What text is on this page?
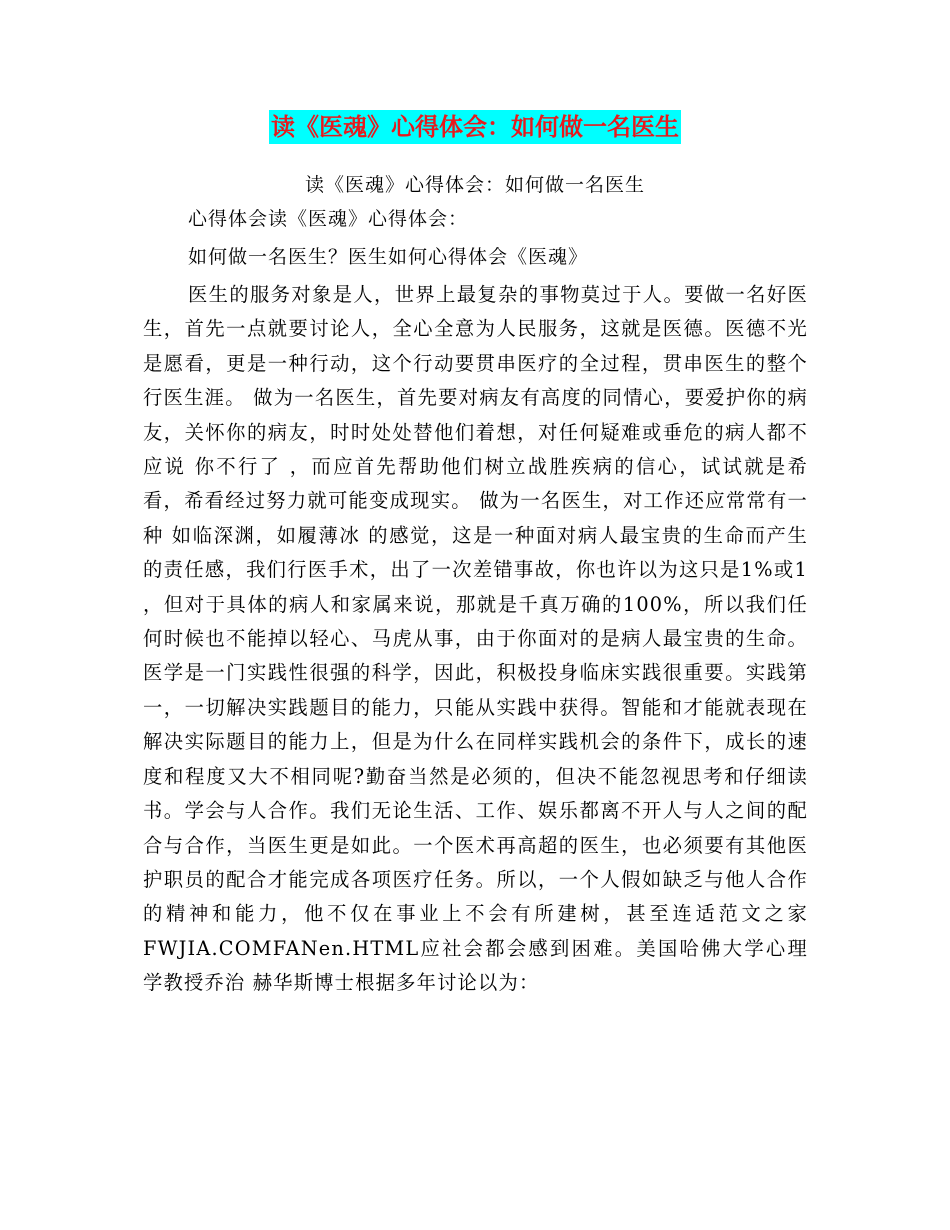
读《医魂》心得体会：如何做一名医生
读《医魂》心得体会：如何做一名医生
心得体会读《医魂》心得体会：
如何做一名医生？医生如何心得体会《医魂》

医生的服务对象是人，世界上最复杂的事物莫过于人。要做一名好医生，首先一点就要讨论人，全心全意为人民服务，这就是医德。医德不光是愿看，更是一种行动，这个行动要贯串医疗的全过程，贯串医生的整个行医生涯。 做为一名医生，首先要对病友有高度的同情心，要爱护你的病友，关怀你的病友，时时处处替他们着想，对任何疑难或垂危的病人都不应说 你不行了 ，而应首先帮助他们树立战胜疾病的信心，试试就是希看，希看经过努力就可能变成现实。 做为一名医生，对工作还应常常有一种 如临深渊，如履薄冰 的感觉，这是一种面对病人最宝贵的生命而产生的责任感，我们行医手术，出了一次差错事故，你也许以为这只是1%或1 ，但对于具体的病人和家属来说，那就是千真万确的100%，所以我们任何时候也不能掉以轻心、马虎从事，由于你面对的是病人最宝贵的生命。 医学是一门实践性很强的科学，因此，积极投身临床实践很重要。实践第一，一切解决实践题目的能力，只能从实践中获得。智能和才能就表现在解决实际题目的能力上，但是为什么在同样实践机会的条件下，成长的速度和程度又大不相同呢?勤奋当然是必须的，但决不能忽视思考和仔细读书。学会与人合作。我们无论生活、工作、娱乐都离不开人与人之间的配合与合作，当医生更是如此。一个医术再高超的医生，也必须要有其他医护职员的配合才能完成各项医疗任务。所以，一个人假如缺乏与他人合作的精神和能力，他不仅在事业上不会有所建树，甚至连适范文之家FWJIA.COMFANen.HTML应社会都会感到困难。美国哈佛大学心理学教授乔治 赫华斯博士根据多年讨论以为：
